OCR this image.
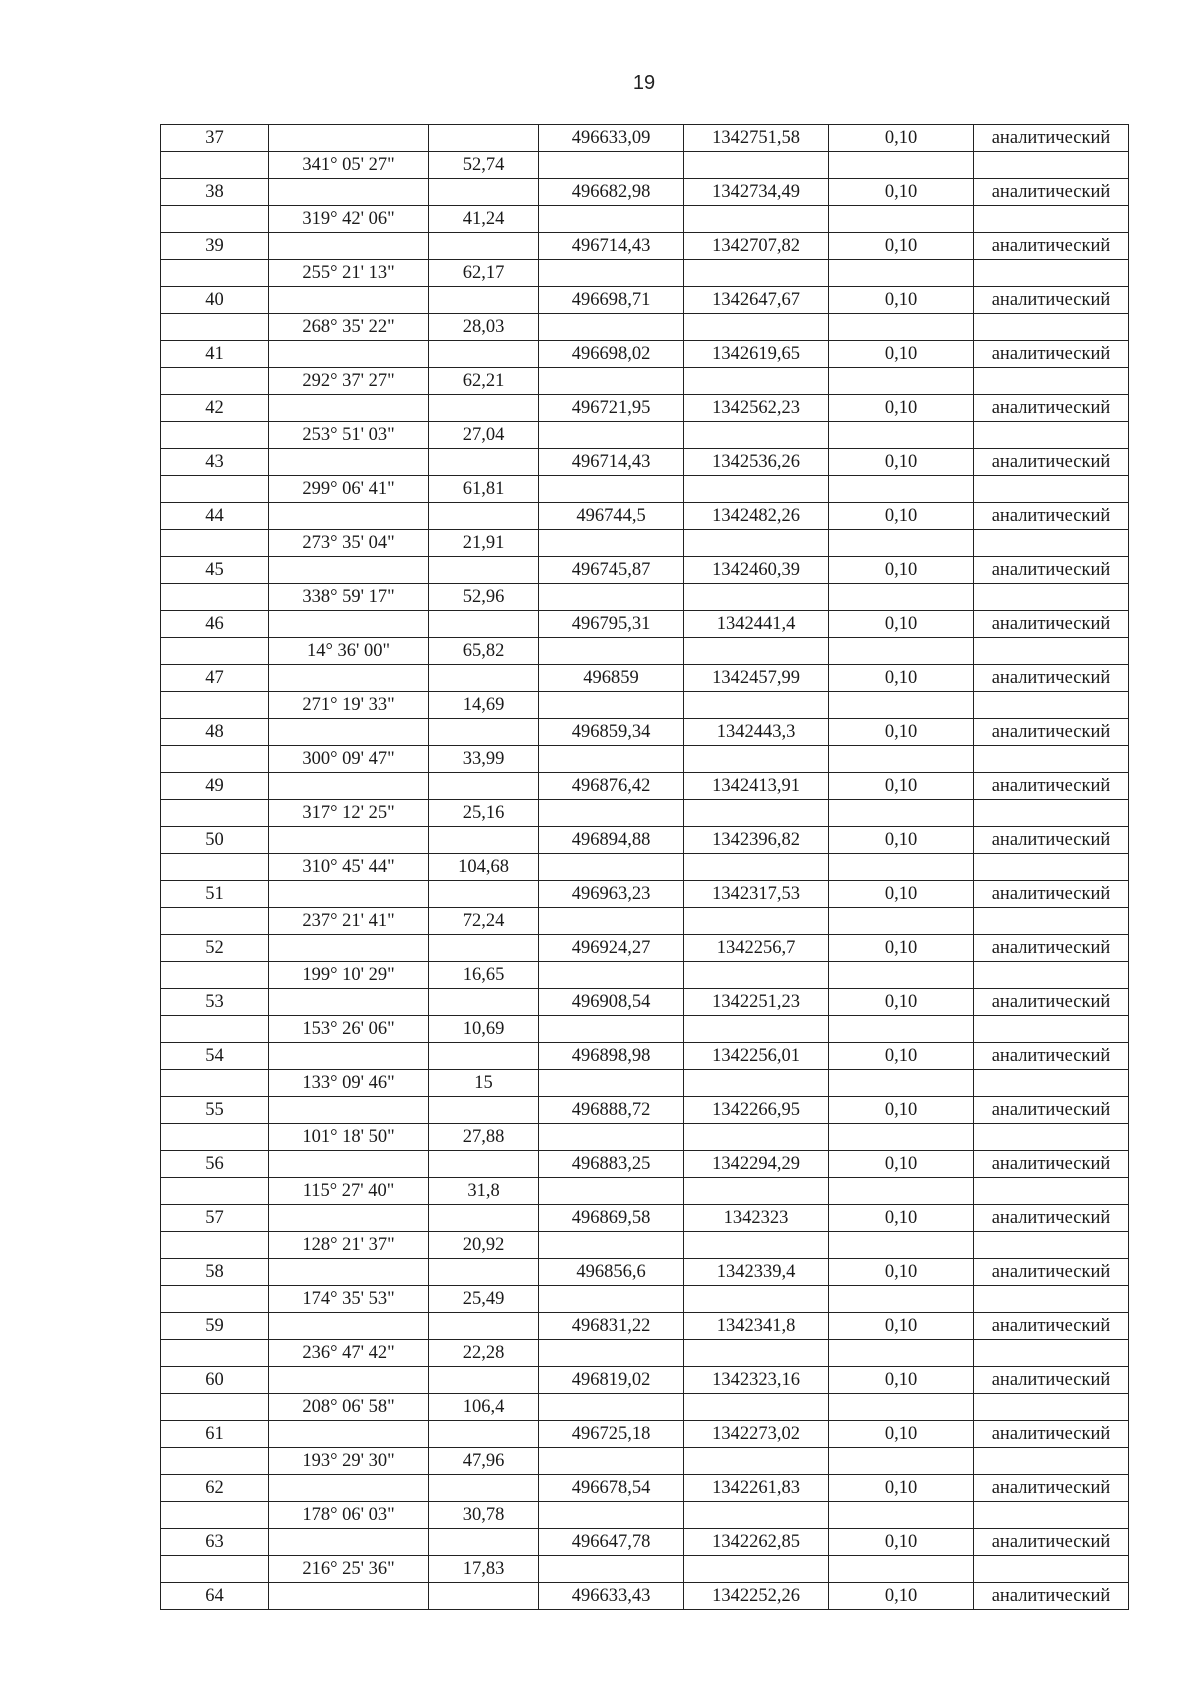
19
37			496633,09	1342751,58	0,10	аналитический
	341° 05' 27"	52,74				
38			496682,98	1342734,49	0,10	аналитический
	319° 42' 06"	41,24				
39			496714,43	1342707,82	0,10	аналитический
	255° 21' 13"	62,17				
40			496698,71	1342647,67	0,10	аналитический
	268° 35' 22"	28,03				
41			496698,02	1342619,65	0,10	аналитический
	292° 37' 27"	62,21				
42			496721,95	1342562,23	0,10	аналитический
	253° 51' 03"	27,04				
43			496714,43	1342536,26	0,10	аналитический
	299° 06' 41"	61,81				
44			496744,5	1342482,26	0,10	аналитический
	273° 35' 04"	21,91				
45			496745,87	1342460,39	0,10	аналитический
	338° 59' 17"	52,96				
46			496795,31	1342441,4	0,10	аналитический
	14° 36' 00"	65,82				
47			496859	1342457,99	0,10	аналитический
	271° 19' 33"	14,69				
48			496859,34	1342443,3	0,10	аналитический
	300° 09' 47"	33,99				
49			496876,42	1342413,91	0,10	аналитический
	317° 12' 25"	25,16				
50			496894,88	1342396,82	0,10	аналитический
	310° 45' 44"	104,68				
51			496963,23	1342317,53	0,10	аналитический
	237° 21' 41"	72,24				
52			496924,27	1342256,7	0,10	аналитический
	199° 10' 29"	16,65				
53			496908,54	1342251,23	0,10	аналитический
	153° 26' 06"	10,69				
54			496898,98	1342256,01	0,10	аналитический
	133° 09' 46"	15				
55			496888,72	1342266,95	0,10	аналитический
	101° 18' 50"	27,88				
56			496883,25	1342294,29	0,10	аналитический
	115° 27' 40"	31,8				
57			496869,58	1342323	0,10	аналитический
	128° 21' 37"	20,92				
58			496856,6	1342339,4	0,10	аналитический
	174° 35' 53"	25,49				
59			496831,22	1342341,8	0,10	аналитический
	236° 47' 42"	22,28				
60			496819,02	1342323,16	0,10	аналитический
	208° 06' 58"	106,4				
61			496725,18	1342273,02	0,10	аналитический
	193° 29' 30"	47,96				
62			496678,54	1342261,83	0,10	аналитический
	178° 06' 03"	30,78				
63			496647,78	1342262,85	0,10	аналитический
	216° 25' 36"	17,83				
64			496633,43	1342252,26	0,10	аналитический
